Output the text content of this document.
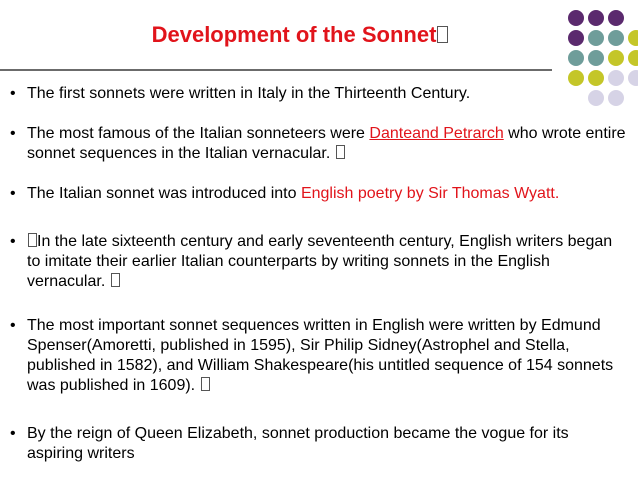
Development of the Sonnet
• The first sonnets were written in Italy in the Thirteenth Century.
• The most famous of the Italian sonneteers were Danteand Petrarch who wrote entire sonnet sequences in the Italian vernacular.
• The Italian sonnet was introduced into English poetry by Sir Thomas Wyatt.
•	In the late sixteenth century and early seventeenth century, English writers began to imitate their earlier Italian counterparts by writing sonnets in the English vernacular.
• The most important sonnet sequences written in English were written by Edmund Spenser(Amoretti, published in 1595), Sir Philip Sidney(Astrophel and Stella, published in 1582), and William Shakespeare(his untitled sequence of 154 sonnets was published in 1609).
• By the reign of Queen Elizabeth, sonnet production became the vogue for its aspiring writers
